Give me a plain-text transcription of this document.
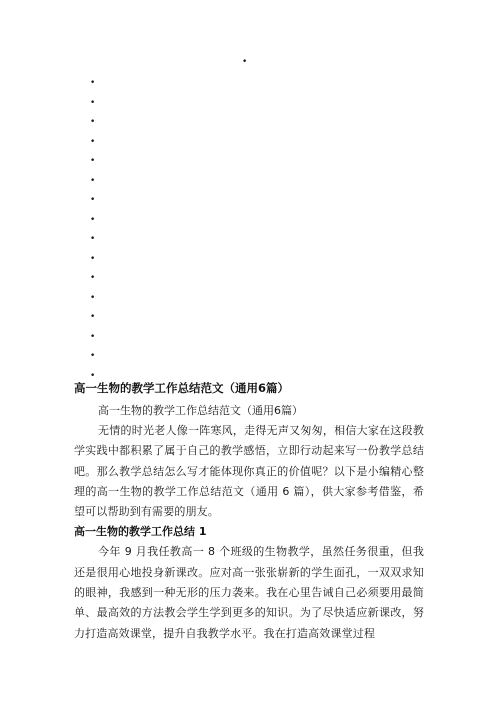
•
•
•
•
•
•
•
•
•
•
•
•
•
•
•
•
•
高一生物的教学工作总结范文（通用6篇）

高一生物的教学工作总结范文（通用6篇）

无情的时光老人像一阵寒风，走得无声又匆匆，相信大家在这段教学实践中都积累了属于自己的教学感悟，立即行动起来写一份教学总结吧。那么教学总结怎么写才能体现你真正的价值呢？以下是小编精心整理的高一生物的教学工作总结范文（通用 6 篇），供大家参考借鉴，希望可以帮助到有需要的朋友。

高一生物的教学工作总结 1

今年 9 月我任教高一 8 个班级的生物教学，虽然任务很重，但我还是很用心地投身新课改。应对高一张张崭新的学生面孔，一双双求知的眼神，我感到一种无形的压力袭来。我在心里告诫自己必须要用最简单、最高效的方法教会学生学到更多的知识。为了尽快适应新课改，努力打造高效课堂，提升自我教学水平。我在打造高效课堂过程
